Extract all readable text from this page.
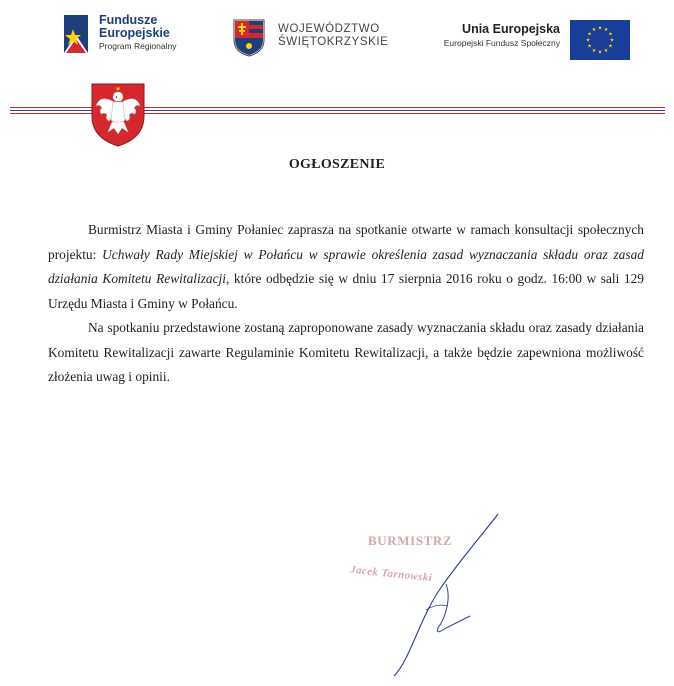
Fundusze
Europejskie
Program Regionalny
WOJEWÓDZTWO
ŚWIĘTOKRZYSKIE
Unia Europejska
Europejski Fundusz Społeczny
★ ★
★
★
★
★
★
★
★
★
★
★
OGŁOSZENIE

Burmistrz Miasta i Gminy Połaniec zaprasza na spotkanie otwarte w ramach konsultacji społecznych projektu: Uchwały Rady Miejskiej w Połańcu w sprawie określenia zasad wyznaczania składu oraz zasad działania Komitetu Rewitalizacji, które odbędzie się w dniu 17 sierpnia 2016 roku o godz. 16:00 w sali 129 Urzędu Miasta i Gminy w Połańcu.

Na spotkaniu przedstawione zostaną zaproponowane zasady wyznaczania składu oraz zasady działania Komitetu Rewitalizacji zawarte Regulaminie Komitetu Rewitalizacji, a także będzie zapewniona możliwość złożenia uwag i opinii.

BURMISTRZ
Jacek Tarnowski
